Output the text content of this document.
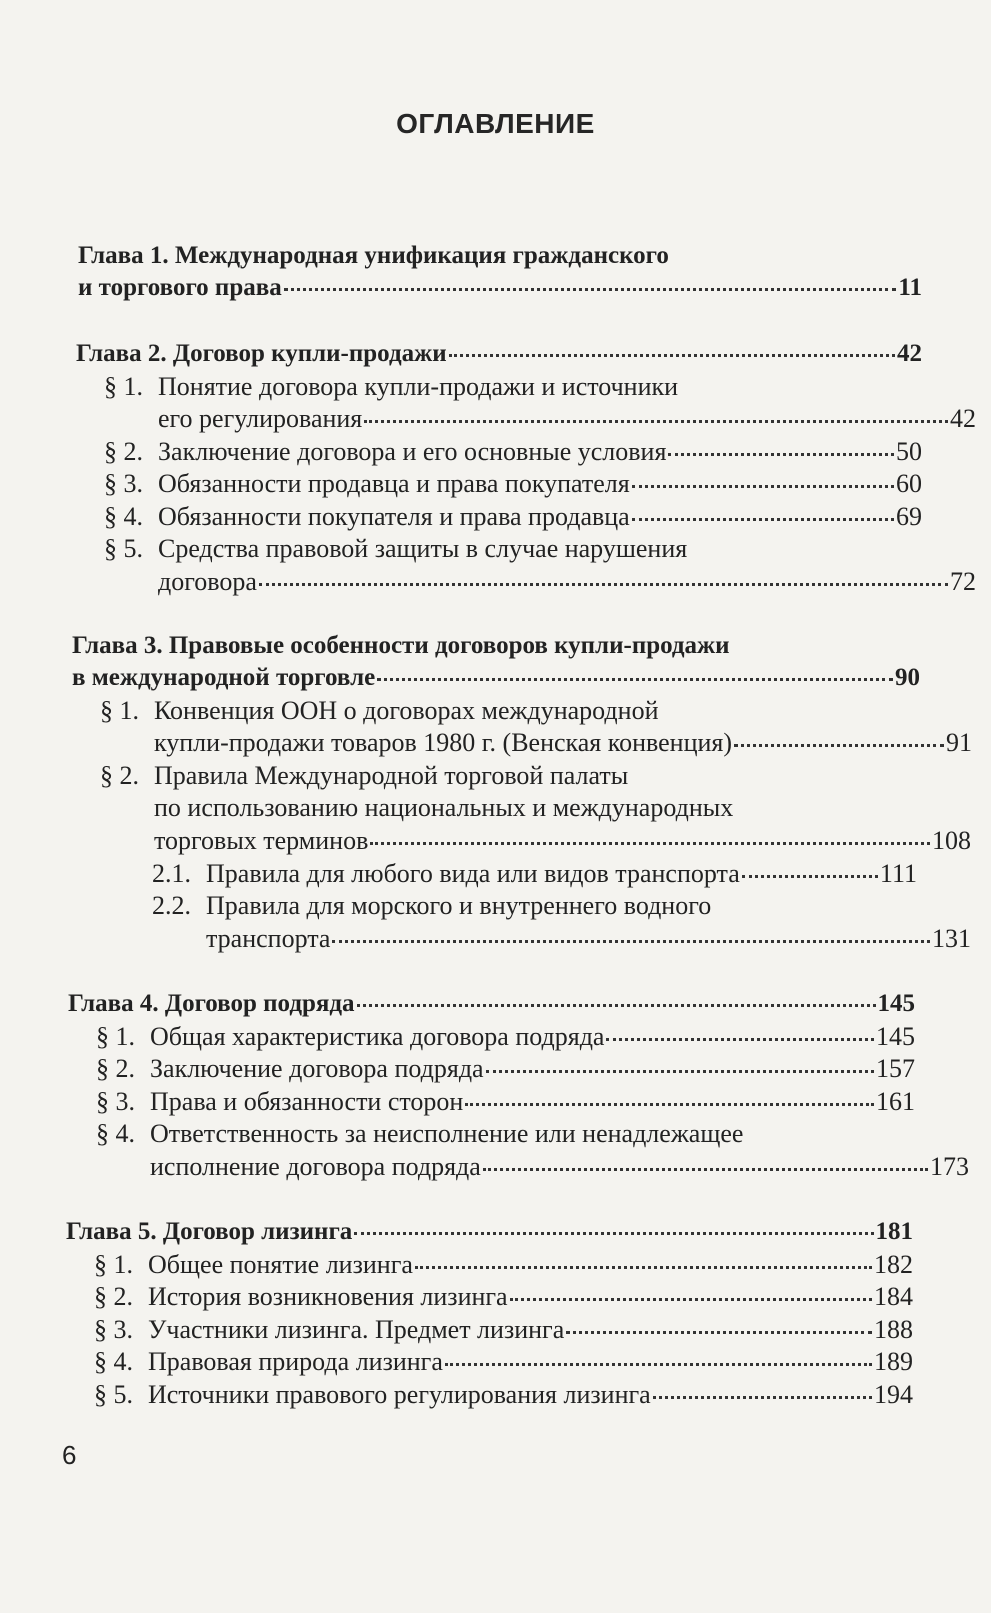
ОГЛАВЛЕНИЕ
Глава 1. Международная унификация гражданского
и торгового права	11
Глава 2. Договор купли-продажи	42
§ 1. Понятие договора купли-продажи и источники
его регулирования	42
§ 2. Заключение договора и его основные условия	50
§ 3. Обязанности продавца и права покупателя	60
§ 4. Обязанности покупателя и права продавца	69
§ 5. Средства правовой защиты в случае нарушения
договора	72
Глава 3. Правовые особенности договоров купли-продажи
в международной торговле	90
§ 1. Конвенция ООН о договорах международной
купли-продажи товаров 1980 г. (Венская конвенция)	91
§ 2. Правила Международной торговой палаты
по использованию национальных и международных
торговых терминов	108
2.1. Правила для любого вида или видов транспорта	111
2.2. Правила для морского и внутреннего водного
транспорта	131
Глава 4. Договор подряда	145
§ 1. Общая характеристика договора подряда	145
§ 2. Заключение договора подряда	157
§ 3. Права и обязанности сторон	161
§ 4. Ответственность за неисполнение или ненадлежащее
исполнение договора подряда	173
Глава 5. Договор лизинга	181
§ 1. Общее понятие лизинга	182
§ 2. История возникновения лизинга	184
§ 3. Участники лизинга. Предмет лизинга	188
§ 4. Правовая природа лизинга	189
§ 5. Источники правового регулирования лизинга	194
6
